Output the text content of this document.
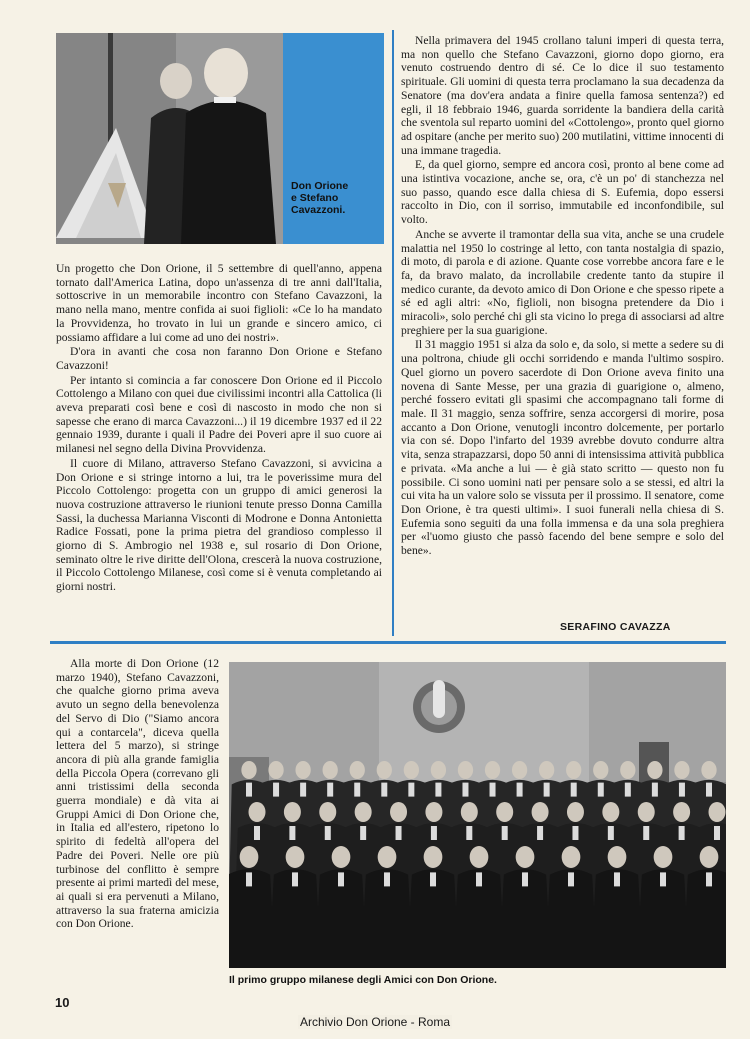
Don Orione
e Stefano
Cavazzoni.

Un progetto che Don Orione, il 5 settembre di quell'anno, appena tornato dall'America Latina, dopo un'assenza di tre anni dall'Italia, sottoscrive in un memorabile incontro con Stefano Cavazzoni, la mano nella mano, mentre confida ai suoi figlioli: «Ce lo ha mandato la Provvidenza, ho trovato in lui un grande e sincero amico, ci possiamo affidare a lui come ad uno dei nostri».

D'ora in avanti che cosa non faranno Don Orione e Stefano Cavazzoni!

Per intanto si comincia a far conoscere Don Orione ed il Piccolo Cottolengo a Milano con quei due civilissimi incontri alla Cattolica (li aveva preparati così bene e così di nascosto in modo che non si sapesse che erano di marca Cavazzoni...) il 19 dicembre 1937 ed il 22 gennaio 1939, durante i quali il Padre dei Poveri apre il suo cuore ai milanesi nel segno della Divina Provvidenza.

Il cuore di Milano, attraverso Stefano Cavazzoni, si avvicina a Don Orione e si stringe intorno a lui, tra le poverissime mura del Piccolo Cottolengo: progetta con un gruppo di amici generosi la nuova costruzione attraverso le riunioni tenute presso Donna Camilla Sassi, la duchessa Marianna Visconti di Modrone e Donna Antonietta Radice Fossati, pone la prima pietra del grandioso complesso il giorno di S. Ambrogio nel 1938 e, sul rosario di Don Orione, seminato oltre le rive diritte dell'Olona, crescerà la nuova costruzione, il Piccolo Cottolengo Milanese, così come si è venuta completando ai giorni nostri.

Nella primavera del 1945 crollano taluni imperi di questa terra, ma non quello che Stefano Cavazzoni, giorno dopo giorno, era venuto costruendo dentro di sé. Ce lo dice il suo testamento spirituale. Gli uomini di questa terra proclamano la sua decadenza da Senatore (ma dov'era andata a finire quella famosa sentenza?) ed egli, il 18 febbraio 1946, guarda sorridente la bandiera della carità che sventola sul reparto uomini del «Cottolengo», pronto quel giorno ad ospitare (anche per merito suo) 200 mutilatini, vittime innocenti di una immane tragedia.

E, da quel giorno, sempre ed ancora così, pronto al bene come ad una istintiva vocazione, anche se, ora, c'è un po' di stanchezza nel suo passo, quando esce dalla chiesa di S. Eufemia, dopo essersi raccolto in Dio, con il sorriso, immutabile ed inconfondibile, sul volto.

Anche se avverte il tramontar della sua vita, anche se una crudele malattia nel 1950 lo costringe al letto, con tanta nostalgia di spazio, di moto, di parola e di azione. Quante cose vorrebbe ancora fare e le fa, da bravo malato, da incrollabile credente tanto da stupire il medico curante, da devoto amico di Don Orione e che spesso ripete a sé ed agli altri: «No, figlioli, non bisogna pretendere da Dio i miracoli», solo perché chi gli sta vicino lo prega di associarsi ad altre preghiere per la sua guarigione.

Il 31 maggio 1951 si alza da solo e, da solo, si mette a sedere su di una poltrona, chiude gli occhi sorridendo e manda l'ultimo sospiro. Quel giorno un povero sacerdote di Don Orione aveva finito una novena di Sante Messe, per una grazia di guarigione o, almeno, perché fossero evitati gli spasimi che accompagnano tali forme di male. Il 31 maggio, senza soffrire, senza accorgersi di morire, posa accanto a Don Orione, venutogli incontro dolcemente, per portarlo via con sé. Dopo l'infarto del 1939 avrebbe dovuto condurre altra vita, senza strapazzarsi, dopo 50 anni di intensissima attività pubblica e privata. «Ma anche a lui — è già stato scritto — questo non fu possibile. Ci sono uomini nati per pensare solo a se stessi, ed altri la cui vita ha un valore solo se vissuta per il prossimo. Il senatore, come Don Orione, è tra questi ultimi». I suoi funerali nella chiesa di S. Eufemia sono seguiti da una folla immensa e da una sola preghiera per «l'uomo giusto che passò facendo del bene sempre e solo del bene».

SERAFINO CAVAZZA

Alla morte di Don Orione (12 marzo 1940), Stefano Cavazzoni, che qualche giorno prima aveva avuto un segno della benevolenza del Servo di Dio ("Siamo ancora qui a contarcela", diceva quella lettera del 5 marzo), si stringe ancora di più alla grande famiglia della Piccola Opera (correvano gli anni tristissimi della seconda guerra mondiale) e dà vita ai Gruppi Amici di Don Orione che, in Italia ed all'estero, ripetono lo spirito di fedeltà all'opera del Padre dei Poveri. Nelle ore più turbinose del conflitto è sempre presente ai primi martedì del mese, ai quali si era pervenuti a Milano, attraverso la sua fraterna amicizia con Don Orione.

Il primo gruppo milanese degli Amici con Don Orione.
10
Archivio Don Orione - Roma
